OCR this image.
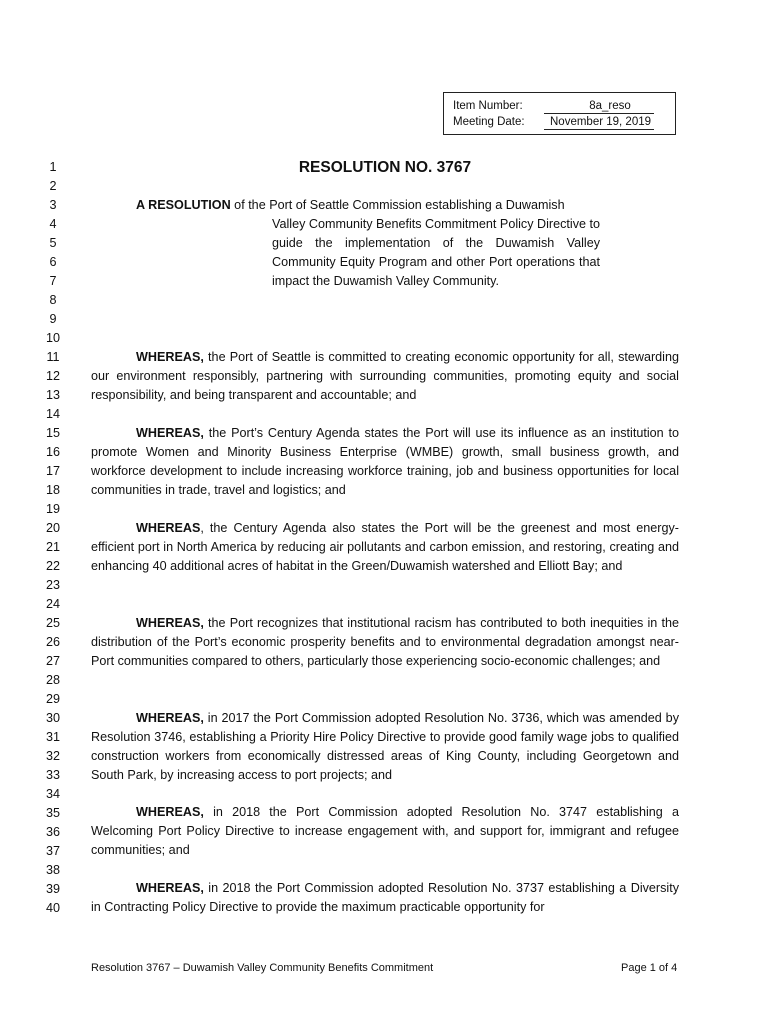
Item Number:	8a_reso
Meeting Date:	November 19, 2019
1
2
3
4
5
6
7
8
9
10
11
12
13
14
15
16
17
18
19
20
21
22
23
24
25
26
27
28
29
30
31
32
33
34
35
36
37
38
39
40
RESOLUTION NO. 3767
A RESOLUTION of the Port of Seattle Commission establishing a Duwamish
Valley Community Benefits Commitment Policy Directive to guide the implementation of the Duwamish Valley Community Equity Program and other Port operations that impact the Duwamish Valley Community.
WHEREAS, the Port of Seattle is committed to creating economic opportunity for all, stewarding our environment responsibly, partnering with surrounding communities, promoting equity and social responsibility, and being transparent and accountable; and
WHEREAS, the Port’s Century Agenda states the Port will use its influence as an institution to promote Women and Minority Business Enterprise (WMBE) growth, small business growth, and workforce development to include increasing workforce training, job and business opportunities for local communities in trade, travel and logistics; and
WHEREAS, the Century Agenda also states the Port will be the greenest and most energy-efficient port in North America by reducing air pollutants and carbon emission, and restoring, creating and enhancing 40 additional acres of habitat in the Green/Duwamish watershed and Elliott Bay; and
WHEREAS, the Port recognizes that institutional racism has contributed to both inequities in the distribution of the Port’s economic prosperity benefits and to environmental degradation amongst near-Port communities compared to others, particularly those experiencing socio-economic challenges; and
WHEREAS, in 2017 the Port Commission adopted Resolution No. 3736, which was amended by Resolution 3746, establishing a Priority Hire Policy Directive to provide good family wage jobs to qualified construction workers from economically distressed areas of King County, including Georgetown and South Park, by increasing access to port projects; and
WHEREAS, in 2018 the Port Commission adopted Resolution No. 3747 establishing a Welcoming Port Policy Directive to increase engagement with, and support for, immigrant and refugee communities; and
WHEREAS, in 2018 the Port Commission adopted Resolution No. 3737 establishing a Diversity in Contracting Policy Directive to provide the maximum practicable opportunity for
Resolution 3767 – Duwamish Valley Community Benefits Commitment	Page 1 of 4
